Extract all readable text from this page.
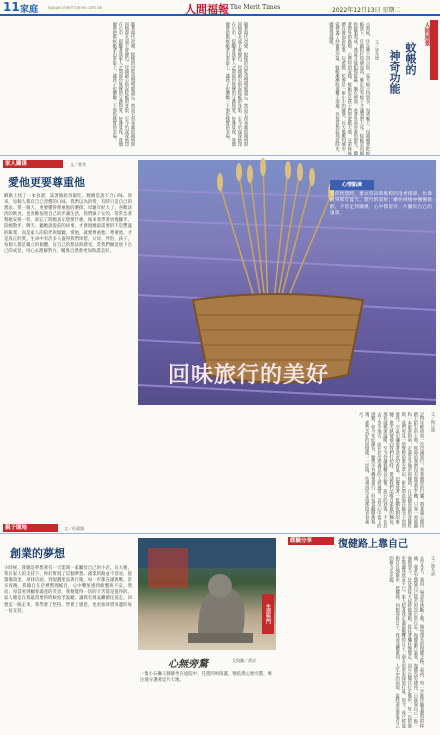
11 家庭 epaper.merit-times.com.tw	人間福報 The Merit Times	2022年12月13日 星期二
人間風景
蚊帳的
神奇功能
文／梁兆德
小時候，住在鄉下四合院，夏天蚊子特別多，每到晚上，母親總會把蚊帳放下，仔細拍打每個角落，確定沒有蚊子才讓我們上床。蚊帳是用細紗縫製而成，透氣又能阻擋蚊蟲，躺在裡面，看著外面昏黃的燈光，聽著窗外的蟲鳴，心裡特別安穩。蚊帳也是孩子們的遊戲天地，兄弟姊妹擠在裡面說故事、玩遊戲，彷彿是一座小小的城堡。長大後搬到城市，家裡裝了紗窗與冷氣，蚊帳漸漸收進櫃子深處，但每當想起那段時光，總覺得溫暖。
隨著時代改變，蚊帳的功能也慢慢被遺忘，然而它所承載的親情與回憶卻永遠不會褪色。母親細心掛起蚊帳的身影，至今仍深深烙印在心中，提醒著我家人之間那份無聲的守護與愛。每逢夏夜，我偶爾會把舊蚊帳拿出來掛上，讓孩子也體驗一下那份樸實的幸福。
隨著時代改變，蚊帳的功能也慢慢被遺忘，然而它所承載的親情與回憶卻永遠不會褪色。母親細心掛起蚊帳的身影，至今仍深深烙印在心中，提醒著我家人之間那份無聲的守護與愛。每逢夏夜，我偶爾會把舊蚊帳拿出來掛上，讓孩子也體驗一下那份樸實的幸福。
家人關係	文／曾爭
愛他更要尊重他
網路上找了一本食譜，試著做給母親吃，她總是說不合口味。原來，每個人都有自己習慣的口味，我們以為的愛，有時只是自己的想法。愛一個人，更要懂得尊重他的選擇。母親年紀大了，喜歡清淡的飲食，也喜歡按照自己的步調生活，我們做子女的，常常急著幫她安排一切，卻忘了問她真正想要什麼。後來我學著放慢腳步，陪她散步、聊天，聽她說從前的故事，才發現她最需要的不是豐盛的飯菜，而是家人的陪伴與傾聽。愛他，就要尊重他；尊重他，才是真正的愛。生命中有許多人值得我們珍惜，父母、伴侶、孩子，每個人都是獨立的個體，有自己的想法與感受。當我們願意放下自己的成見，用心去理解對方，關係自然會更加和諧美好。
心情點滴
當你恍惚時，薰衣草田與麥桿的清香撲鼻，彷彿回到那年夏天。旅行的美好，總在回憶中慢慢發酵，不管走到哪裡，心中都留有一片屬於自己的風景。
回味旅行的美好
文／楊以德
記得年輕時第一次出國旅行，背著簡單的行囊，帶著滿心期待踏上陌生的土地。那時的我們沒有智慧型手機，只靠一張地圖和一本旅遊指南，走過許多城市與鄉間。在法國南部的普羅旺斯，我們看見一望無際的薰衣草田，紫色的花海在陽光下閃閃發亮，空氣中瀰漫著淡淡的香氣。田邊放著一籃剛收割的麥穗，農夫熱情地向我們打招呼，邀請我們品嚐自家做的麵包。那份純樸與溫暖，至今仍讓我難以忘懷。旅行的意義，不在於去了多少地方，而在於沿途遇見的人與風景，以及心中留下的感動。如今年紀漸長，雖然少有機會遠行，但每當翻開舊相簿，那些美好的回憶便一一浮現，彷彿再次走過那段青春歲月。
親子園地	文／杜瑋涵
創業的夢想
小時候，我總是夢想著有一天能開一家屬於自己的小店。長大後，我在家人的支持下，終於實現了這個夢想。創業的路並不容易，從籌備資金、尋找店面，到規劃產品與行銷，每一步都充滿挑戰。許多夜晚，我獨自在店裡整理帳目，心中難免感到疲憊與不安。然而，每當看到顧客滿意的笑容，我便覺得一切的辛苦都是值得的。家人總是在我最需要的時候給予鼓勵，讓我有勇氣繼續往前走。回想這一路走來，我學會了堅持、學會了感恩，也更加珍惜身邊的每一份支持。	生活快門
心無旁騖	文與圖／黃祈
一隻小石獅子靜靜坐在庭院中，任憑四周喧囂，牠依然心無旁騖，專注地守護著這片天地。
經驗分享	復健路上靠自己
文／簡冬禎
去年冬天，我因一場意外摔斷了腿，開始漫長的復健之路。起初，每一步都伴隨著劇烈的疼痛，我甚至懷疑自己能否再次正常行走。復健師告訴我，復健沒有捷徑，只能靠自己一點一滴地努力。於是我每天按時做運動，從扶著欄杆慢慢走，到可以獨自行走幾步，每一次的進步都讓我欣喜不已。家人陪著我走過最艱難的日子，朋友也常來探望打氣。如今，我已經能夠自在地散步、爬樓梯，回想那段日子，我深深體會到，人生中的困境，最終還是要靠自己的毅力去克服。
